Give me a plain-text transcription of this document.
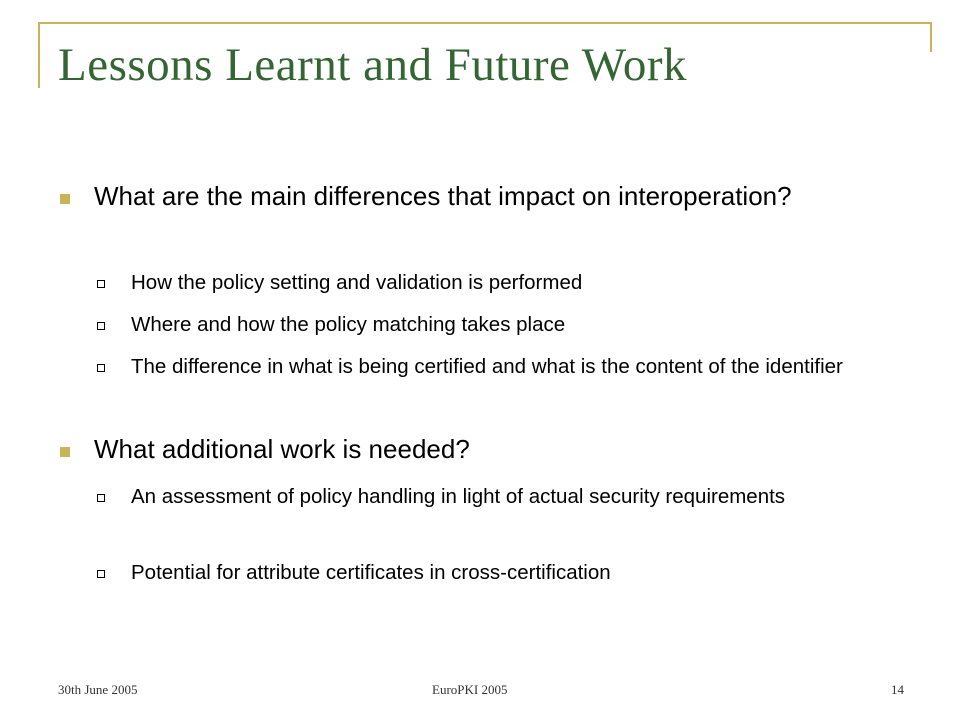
Lessons Learnt and Future Work
What are the main differences that impact on interoperation?
How the policy setting and validation is performed
Where and how the policy matching takes place
The difference in what is being certified and what is the content of the identifier
What additional work is needed?
An assessment of policy handling in light of actual security requirements
Potential for attribute certificates in cross-certification
30th June 2005	EuroPKI 2005	14
